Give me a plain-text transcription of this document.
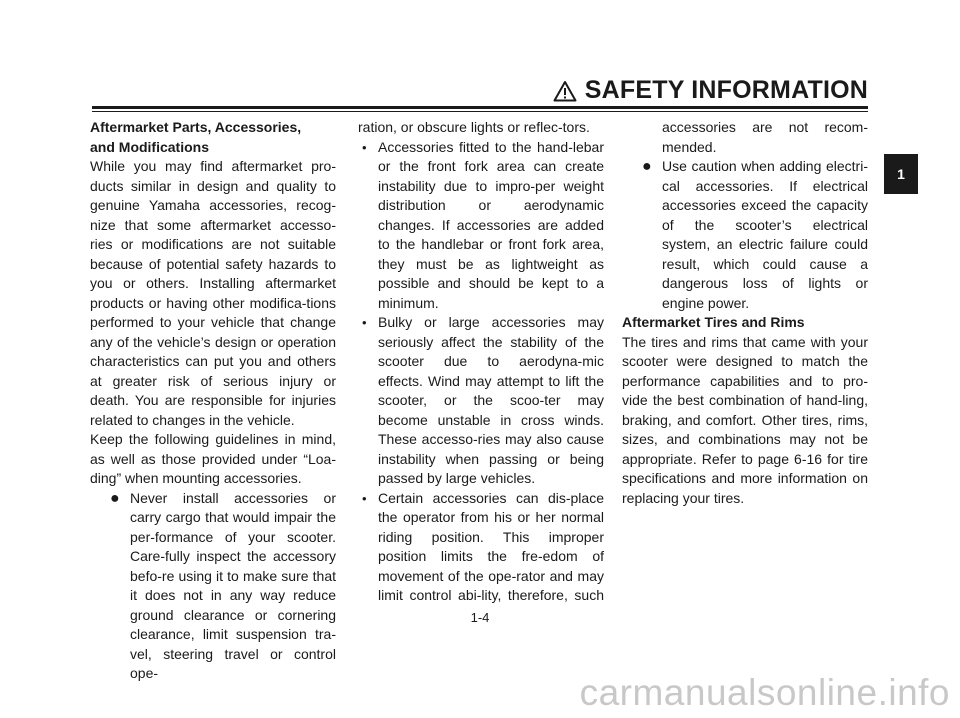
SAFETY INFORMATION
1

Aftermarket Parts, Accessories,
and Modifications

While you may find aftermarket pro-ducts similar in design and quality to genuine Yamaha accessories, recog-nize that some aftermarket accesso-ries or modifications are not suitable because of potential safety hazards to you or others. Installing aftermarket products or having other modifica-tions performed to your vehicle that change any of the vehicle’s design or operation characteristics can put you and others at greater risk of serious injury or death. You are responsible for injuries related to changes in the vehicle.

Keep the following guidelines in mind, as well as those provided under “Loa-ding” when mounting accessories.

● Never install accessories or carry cargo that would impair the per-formance of your scooter. Care-fully inspect the accessory befo-re using it to make sure that it does not in any way reduce ground clearance or cornering clearance, limit suspension tra-vel, steering travel or control ope-

ration, or obscure lights or reflec-tors.

• Accessories fitted to the hand-lebar or the front fork area can create instability due to impro-per weight distribution or aerodynamic changes. If accessories are added to the handlebar or front fork area, they must be as lightweight as possible and should be kept to a minimum.
• Bulky or large accessories may seriously affect the stability of the scooter due to aerodyna-mic effects. Wind may attempt to lift the scooter, or the scoo-ter may become unstable in cross winds. These accesso-ries may also cause instability when passing or being passed by large vehicles.
• Certain accessories can dis-place the operator from his or her normal riding position. This improper position limits the fre-edom of movement of the ope-rator and may limit control abi-lity, therefore, such

accessories are not recom-mended.

● Use caution when adding electri-cal accessories. If electrical accessories exceed the capacity of the scooter’s electrical system, an electric failure could result, which could cause a dangerous loss of lights or engine power.

Aftermarket Tires and Rims

The tires and rims that came with your scooter were designed to match the performance capabilities and to pro-vide the best combination of hand-ling, braking, and comfort. Other tires, rims, sizes, and combinations may not be appropriate. Refer to page 6-16 for tire specifications and more information on replacing your tires.

1-4
carmanualsonline.info
